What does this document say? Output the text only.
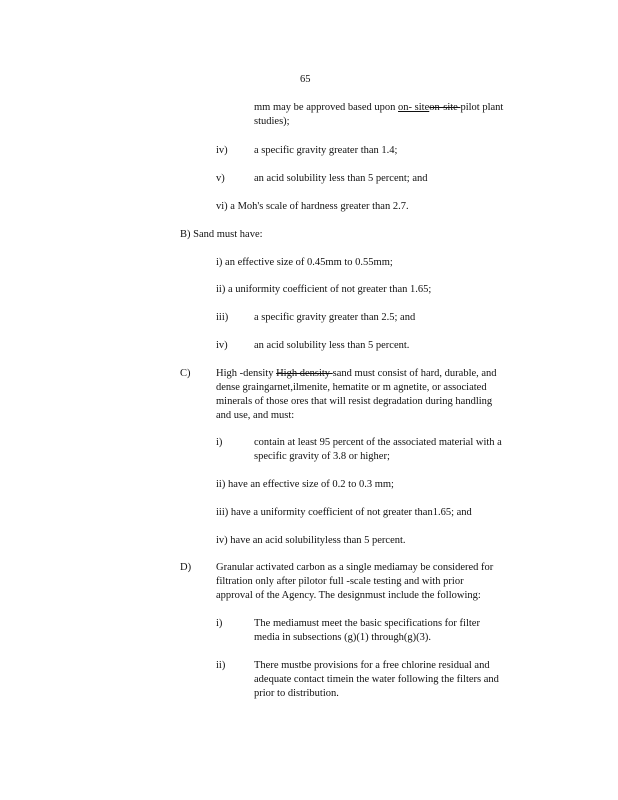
65
mm may be approved based upon on- siteon-site pilot plant
studies);
iv)	a specific gravity greater than 1.4;
v)	an acid solubility less than 5 percent; and
vi) a Moh's scale of hardness greater than 2.7.
B) Sand must have:
i) an effective size of 0.45mm to 0.55mm;
ii) a uniformity coefficient of not greater than 1.65;
iii) a specific gravity greater than 2.5; and
iv)	an acid solubility less than 5 percent.
C) High -density High density sand must consist of hard, durable, and
dense graingarnet,ilmenite, hematite or m agnetite, or associated
minerals of those ores that will resist degradation during handling
and use, and must:
i)	contain at least 95 percent of the associated material with a
specific gravity of 3.8 or higher;
ii) have an effective size of 0.2 to 0.3 mm;
iii) have a uniformity coefficient of not greater than1.65; and
iv) have an acid solubilityless than 5 percent.
D) Granular activated carbon as a single mediamay be considered for
filtration only after pilotor full -scale testing and with prior
approval of the Agency. The designmust include the following:
i)	The mediamust meet the basic specifications for filter
media in subsections (g)(1) through(g)(3).
ii)	There mustbe provisions for a free chlorine residual and
adequate contact timein the water following the filters and
prior to distribution.
